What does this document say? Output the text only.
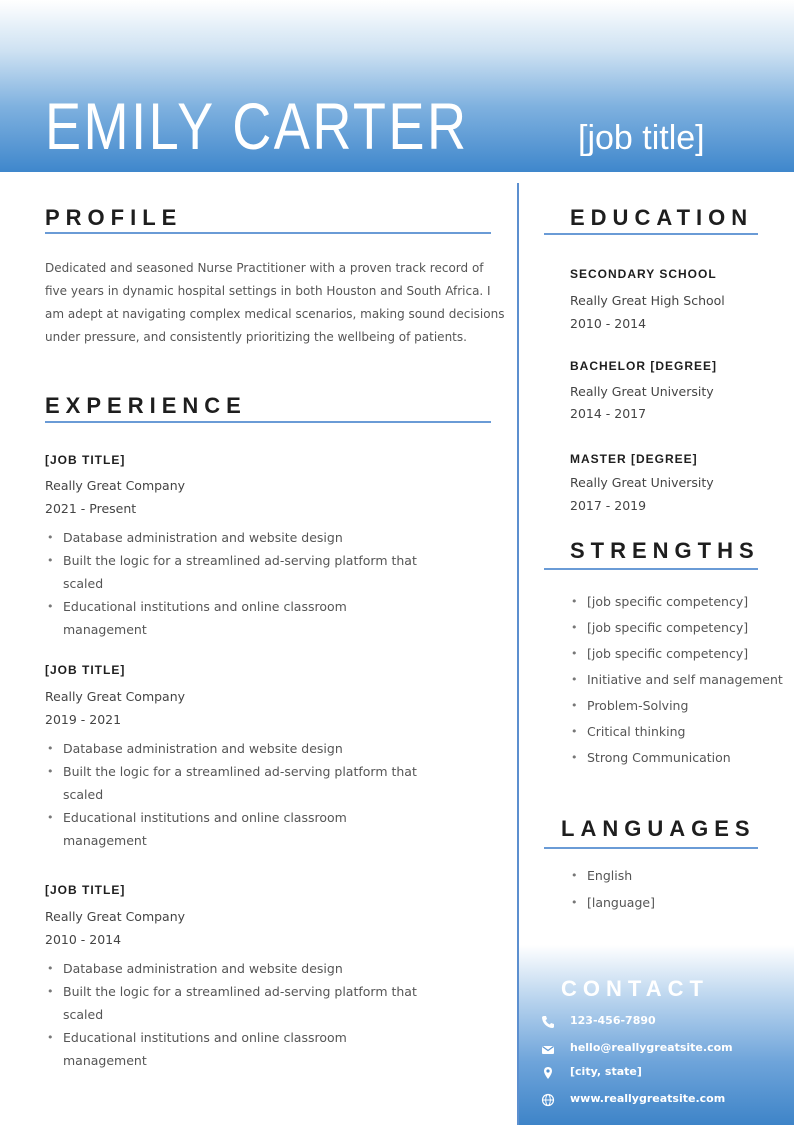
EMILY CARTER	[job title]
PROFILE
Dedicated and seasoned Nurse Practitioner with a proven track record of
five years in dynamic hospital settings in both Houston and South Africa. I
am adept at navigating complex medical scenarios, making sound decisions
under pressure, and consistently prioritizing the wellbeing of patients.
EXPERIENCE
[JOB TITLE]
Really Great Company
2021 - Present
• Database administration and website design
• Built the logic for a streamlined ad-serving platform that
scaled
• Educational institutions and online classroom
management
[JOB TITLE]
Really Great Company
2019 - 2021
• Database administration and website design
• Built the logic for a streamlined ad-serving platform that
scaled
• Educational institutions and online classroom
management
[JOB TITLE]
Really Great Company
2010 - 2014
• Database administration and website design
• Built the logic for a streamlined ad-serving platform that
scaled
• Educational institutions and online classroom
management
EDUCATION
SECONDARY SCHOOL
Really Great High School
2010 - 2014
BACHELOR [DEGREE]
Really Great University
2014 - 2017
MASTER [DEGREE]
Really Great University
2017 - 2019
STRENGTHS
• [job specific competency]
• [job specific competency]
• [job specific competency]
• Initiative and self management
• Problem-Solving
• Critical thinking
• Strong Communication
LANGUAGES
• English
• [language]
CONTACT
123-456-7890
hello@reallygreatsite.com
[city, state]
www.reallygreatsite.com
